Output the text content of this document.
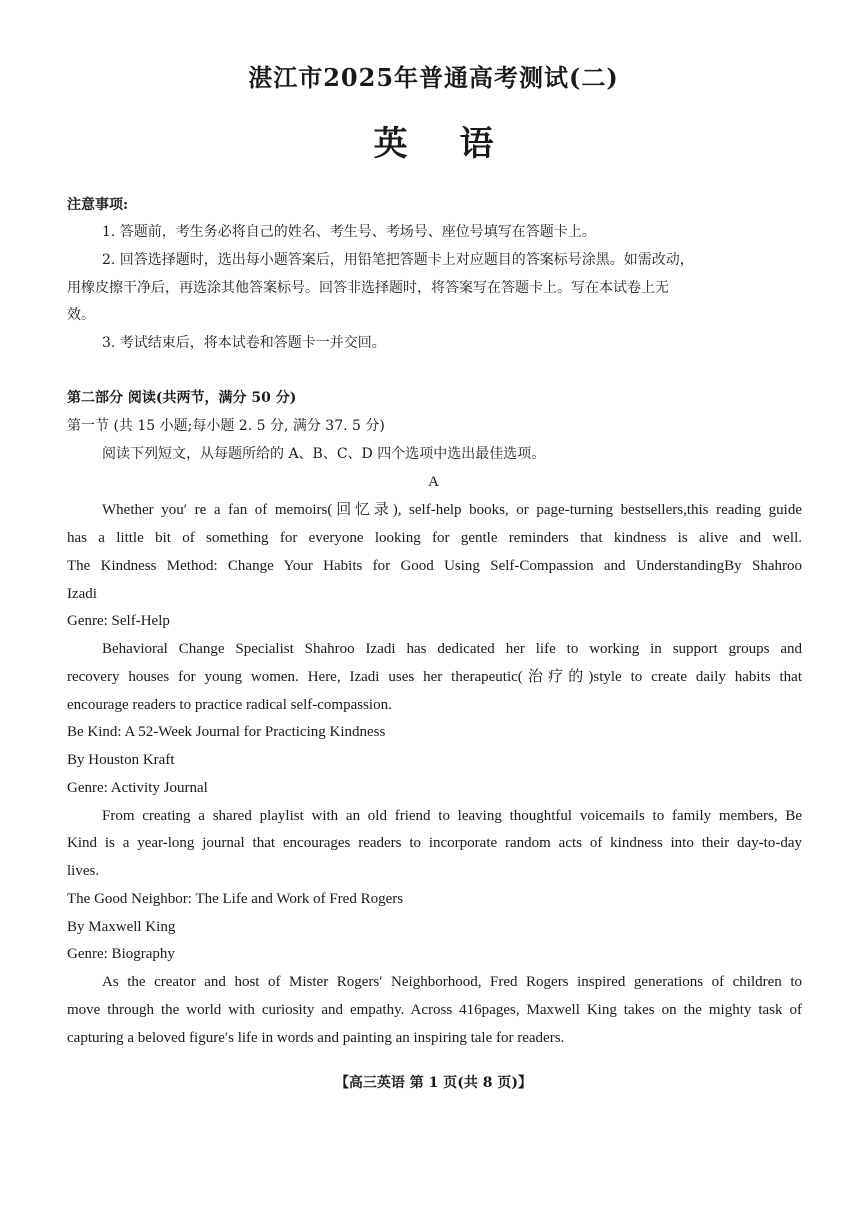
湛江市2025年普通高考测试(二)
英 语
注意事项:
1. 答题前，考生务必将自己的姓名、考生号、考场号、座位号填写在答题卡上。
2. 回答选择题时，选出每小题答案后，用铅笔把答题卡上对应题目的答案标号涂黑。如需改动，
用橡皮擦干净后，再选涂其他答案标号。回答非选择题时，将答案写在答题卡上。写在本试卷上无
效。
3. 考试结束后，将本试卷和答题卡一并交回。
第二部分 阅读(共两节，满分 50 分)
第一节 (共 15 小题;每小题 2. 5 分, 满分 37. 5 分)
阅读下列短文，从每题所给的 A、B、C、D 四个选项中选出最佳选项。
A
Whether you′ re a fan of memoirs(回忆录), self-help books, or page-turning bestsellers,this reading guide
has a little bit of something for everyone looking for gentle reminders that kindness is alive and well.
The Kindness Method: Change Your Habits for Good Using Self-Compassion and UnderstandingBy Shahroo
Izadi
Genre: Self-Help
Behavioral Change Specialist Shahroo Izadi has dedicated her life to working in support groups and
recovery houses for young women. Here, Izadi uses her therapeutic(治疗的)style to create daily habits that
encourage readers to practice radical self-compassion.
Be Kind: A 52-Week Journal for Practicing Kindness
By Houston Kraft
Genre: Activity Journal
From creating a shared playlist with an old friend to leaving thoughtful voicemails to family members, Be
Kind is a year-long journal that encourages readers to incorporate random acts of kindness into their day-to-day
lives.
The Good Neighbor: The Life and Work of Fred Rogers
By Maxwell King
Genre: Biography
As the creator and host of Mister Rogers′ Neighborhood, Fred Rogers inspired generations of children to
move through the world with curiosity and empathy. Across 416pages, Maxwell King takes on the mighty task of
capturing a beloved figure′s life in words and painting an inspiring tale for readers.
【高三英语 第 1 页(共 8 页)】
